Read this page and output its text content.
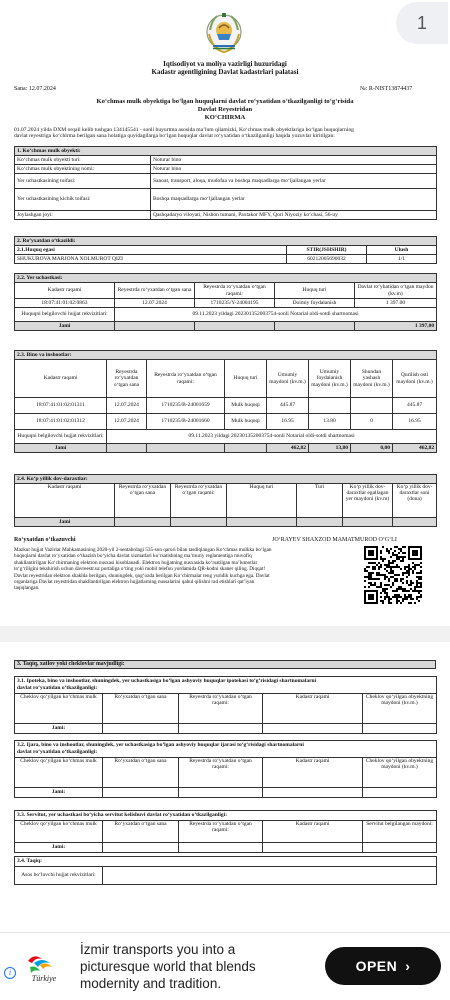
1
Iqtisodiyot va moliya vazirligi huzuridagi
Kadastr agentligining Davlat kadastrlari palatasi
Sana: 12.07.2024	№: R-NIST13874437
Ko‘chmas mulk obyektiga bo‘lgan huquqlarni davlat ro‘yxatidan o‘tkazilganligi to‘g‘risida
Davlat Reyestridan
KO‘CHIRMA
01.07.2024 yilda DXM orqali kelib tushgan 134145541 - sonli buyurtma asosida ma’lum qilamizki, Ko‘chmas mulk obyektlariga bo‘lgan huquqlarning
davlat reyestriga ko‘chirma berilgan sana holatiga quyidagilarga bo‘lgan huquqlar davlat ro‘yxatidan o‘tkazilganligi haqida yozuvlar kiritilgan:
1. Ko‘chmas mulk obyekti:	
Ko‘chmas mulk obyekti turi:	Noturar bino
Ko‘chmas mulk obyektining nomi:	Noturar bino
Yer uchastkasining toifasi:	Sanoat, transport, aloqa, mudofaa va boshqa maqsadlarga mo‘ljallangan yerlar
Yer uchastkasining kichik toifasi:	Boshqa maqsadlarga mo‘ljallangan yerlar
Joylashgan joyi:	Qashqadaryo viloyati, Nishon tumani, Paxtakor MFY, Qori Niyoziy ko‘chasi, 56-uy
2. Ro‘yxatdan o‘tkazildi:		
2.1.Huquq egasi	STIR(JSHSHIR)	Ulush
SHUKUROVA MARJONA XOLMUROT QIZI	60212005690032	1/1
2.2. Yer uchastkasi:				
Kadastr raqami	Reyestrda ro‘yxatdan o‘tgan sana	Reyestrda ro‘yxatdan o‘tgan raqami:	Huquq turi	Davlat ro‘yhatidan o‘tgan maydon (kv.m)
18:07:41:01:02:0863	12.07.2024	1710235/Y-24004195	Doimiy foydalanish	1 397.00
Huquqni belgilovchi hujjat rekvizitlari:	09.11.2023 yildagi 202301352003754-sonli Notarial oldi-sotdi shartnomasi			
Jami				1 397,00
2.3. Bino va inshootlar:							
Kadastr raqami	Reyestrda ro‘yxatdan o‘tgan sana	Reyestrda ro‘yxatdan o‘tgan raqami:	Huquq turi	Umumiy maydoni (kv.m.)	Umumiy foydalanish maydoni (kv.m.)	Shundan yashash maydoni (kv.m.)	Qurilish osti maydoni (kv.m.)
18:07:41:01:02:01311	12.07.2024	1710235/B-24001659	Mulk huquqi	445.87			445.87
18:07:41:01:02:01312	12.07.2024	1710235/B-24001660	Mulk huquqi	16.95	13.80	0	16.95
Huquqni belgilovchi hujjat rekvizitlari:	09.11.2023 yildagi 202301352003754-sonli Notarial oldi-sotdi shartnomasi						
Jami				462,82	13,80	0,00	462,82
2.4. Ko‘p yillik dov-daraxtlar:						
Kadastr raqami	Reyestrda ro‘yxatdan o‘tgan sana	Reyestrda ro‘yxatdan o‘tgan raqami:	Huquq turi	Turi	Ko‘p yillik dov-daraxtlar egallagan yer maydoni (kv.m)	Ko‘p yillik dov-daraxtlar soni (dona)
Jami						
Ro‘yxatdan o‘tkazuvchi	JO‘RAYEV SHAXZOD MAMATMUROD O‘G‘LI
Mazkur hujjat Vazirlar Mahkamasining 2020-yil 2-sentabrdagi 535-son qarori bilan tasdiqlangan Ko‘chmas mulkka bo‘lgan
huquqlarni davlat ro‘yxatidan o‘tkazish bo‘yicha davlat xizmatlari ko‘rsatishning ma’muriy reglamentiga muvofiq
shakllantirilgan Ko‘chirmaning elektron nusxasi hisoblanadi. Elektron hujjatning nusxasida ko‘rsatilgan ma’lumotlar
to‘g‘riligini tekshirish uchun davreestr.uz portaliga o‘ting yoki mobil telefon yordamida QR-kodni skaner qiling. Diqqat!
Davlat reyestridan elektron shaklda berilgan, shuningdek, qog‘ozda berilgan Ko‘chirmalar teng yuridik kuchga ega. Davlat
organlariga Davlat reyestridan shakllantirilgan elektron hujjatlarning nussalarini qabul qilishni rad etishlari qat’iyan
taqiqlangan.
3. Taqiq, xatlov yoki cheklovlar mavjudligi:
3.1. Ipoteka, bino va inshootlar, shuningdek, yer uchastkasiga bo‘lgan ashyoviy huquqlar ipotekasi to‘g‘risidagi shartnomalarni
davlat ro‘yxatidan o‘tkazilganligi:				

Cheklov qo‘yilgan ko‘chmas mulk	Ro‘yxatdan o‘tgan sana	Reyestrda ro‘yxatdan o‘tgan raqami:	Kadastr raqami	Cheklov qo‘yilgan obyektning maydoni (kv.m.)
Jami:				
3.2. Ijara, bino va inshootlar, shuningdek, yer uchastkasiga bo‘lgan ashyoviy huquqlar ijarasi to‘g‘risidagi shartnomalarni
davlat ro‘yxatidan o‘tkazilganligi:				

Cheklov qo‘yilgan ko‘chmas mulk	Ro‘yxatdan o‘tgan sana	Reyestrda ro‘yxatdan o‘tgan raqami:	Kadastr raqami	Cheklov qo‘yilgan obyektning maydoni (kv.m.)
Jami:				
3.3. Servitut, yer uchastkasi bo‘yicha servitut kelishuvi davlat ro‘yxatidan o‘tkazilganligi:				
Cheklov qo‘yilgan ko‘chmas mulk	Ro‘yxatdan o‘tgan sana	Reyestrda ro‘yxatdan o‘tgan raqami:	Kadastr raqami	Servitut belgilangan maydoni:
Jami:				
3.4. Taqiq:
Asos bo‘luvchi hujjat rekvizitlari:	
i
Türkiye
İzmir transports you into a
picturesque world that blends
modernity and tradition.
OPEN ›
